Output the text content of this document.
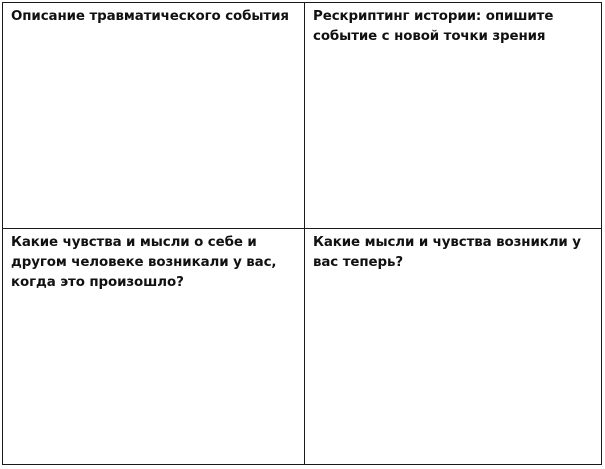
Описание травматического события	Рескриптинг истории: опишите событие с новой точки зрения

Какие чувства и мысли о себе и другом человеке возникали у вас, когда это произошло?

Какие мысли и чувства возникли у вас теперь?
